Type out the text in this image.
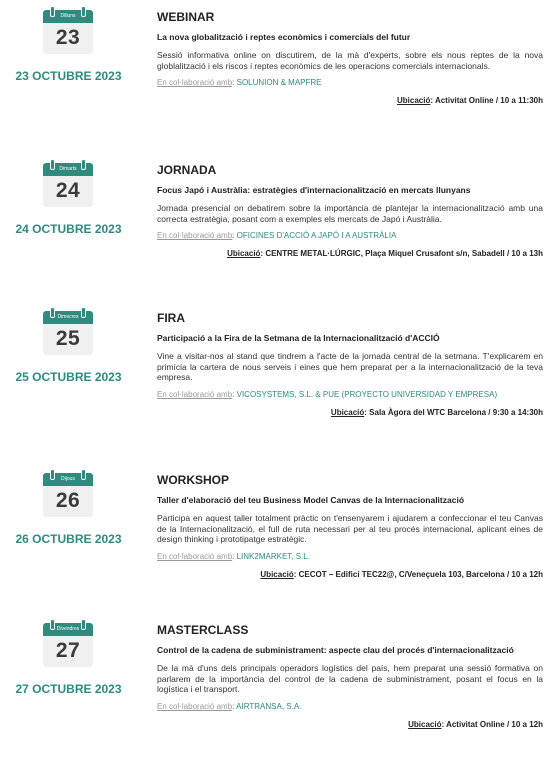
Dilluns
23
23 OCTUBRE 2023
WEBINAR
La nova globalització i reptes econòmics i comercials del futur
Sessió informativa online on discutirem, de la mà d'experts, sobre els nous reptes de la nova globlalització i els riscos i reptes econòmics de les operacions comercials internacionals.
En col·laboració amb: SOLUNION & MAPFRE
Ubicació: Activitat Online / 10 a 11:30h
Dimarts
24
24 OCTUBRE 2023
JORNADA
Focus Japó i Austràlia: estratègies d'internacionalització en mercats llunyans
Jornada presencial on debatirem sobre la importància de plantejar la internacionalització amb una correcta estratègia, posant com a exemples els mercats de Japó i Austràlia.
En col·laboració amb: OFICINES D'ACCIÓ A JAPÓ I A AUSTRÀLIA
Ubicació: CENTRE METAL·LÚRGIC, Plaça Miquel Crusafont s/n, Sabadell / 10 a 13h
Dimecres
25
25 OCTUBRE 2023
FIRA
Participació a la Fira de la Setmana de la Internacionalització d'ACCIÓ
Vine a visitar-nos al stand que tindrem a l'acte de la jornada central de la setmana. T'explicarem en primícia la cartera de nous serveis i eines que hem preparat per a la internacionalització de la teva empresa.
En col·laboració amb: VICOSYSTEMS, S.L. & PUE (PROYECTO UNIVERSIDAD Y EMPRESA)
Ubicació: Sala Àgora del WTC Barcelona / 9:30 a 14:30h
Dijous
26
26 OCTUBRE 2023
WORKSHOP
Taller d'elaboració del teu Business Model Canvas de la Internacionalització
Participa en aquest taller totalment pràctic on t'ensenyarem i ajudarem a confeccionar el teu Canvas de la Internacionalització, el full de ruta necessari per al teu procés internacional, aplicant eines de design thinking i prototipatge estratègic.
En col·laboració amb: LINK2MARKET, S.L.
Ubicació: CECOT – Edifici TEC22@, C/Veneçuela 103, Barcelona / 10 a 12h
Divendres
27
27 OCTUBRE 2023
MASTERCLASS
Control de la cadena de subministrament: aspecte clau del procés d'internacionalització
De la mà d'uns dels principals operadors logístics del país, hem preparat una sessió formativa on parlarem de la importància del control de la cadena de subministrament, posant el focus en la logística i el transport.
En col·laboració amb: AIRTRANSA, S.A.
Ubicació: Activitat Online / 10 a 12h
